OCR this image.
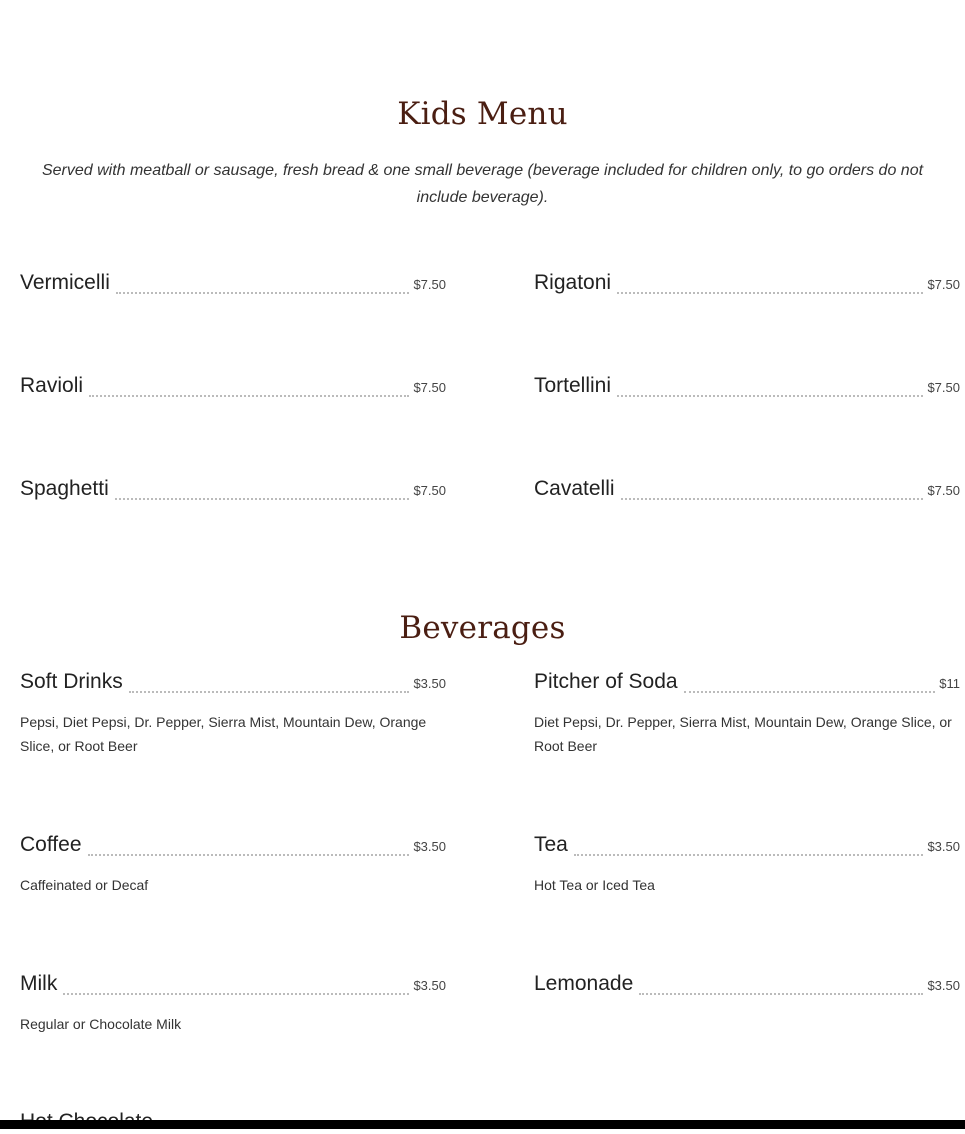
Kids Menu
Served with meatball or sausage, fresh bread & one small beverage (beverage included for children only, to go orders do not include beverage).
Vermicelli	$7.50	Rigatoni	$7.50
Ravioli	$7.50	Tortellini	$7.50
Spaghetti	$7.50	Cavatelli	$7.50
Beverages
Soft Drinks	$3.50
Pepsi, Diet Pepsi, Dr. Pepper, Sierra Mist, Mountain Dew, Orange Slice, or Root Beer
Pitcher of Soda	$11
Diet Pepsi, Dr. Pepper, Sierra Mist, Mountain Dew, Orange Slice, or Root Beer
Coffee	$3.50
Caffeinated or Decaf
Tea	$3.50
Hot Tea or Iced Tea
Milk	$3.50
Regular or Chocolate Milk
Lemonade	$3.50
